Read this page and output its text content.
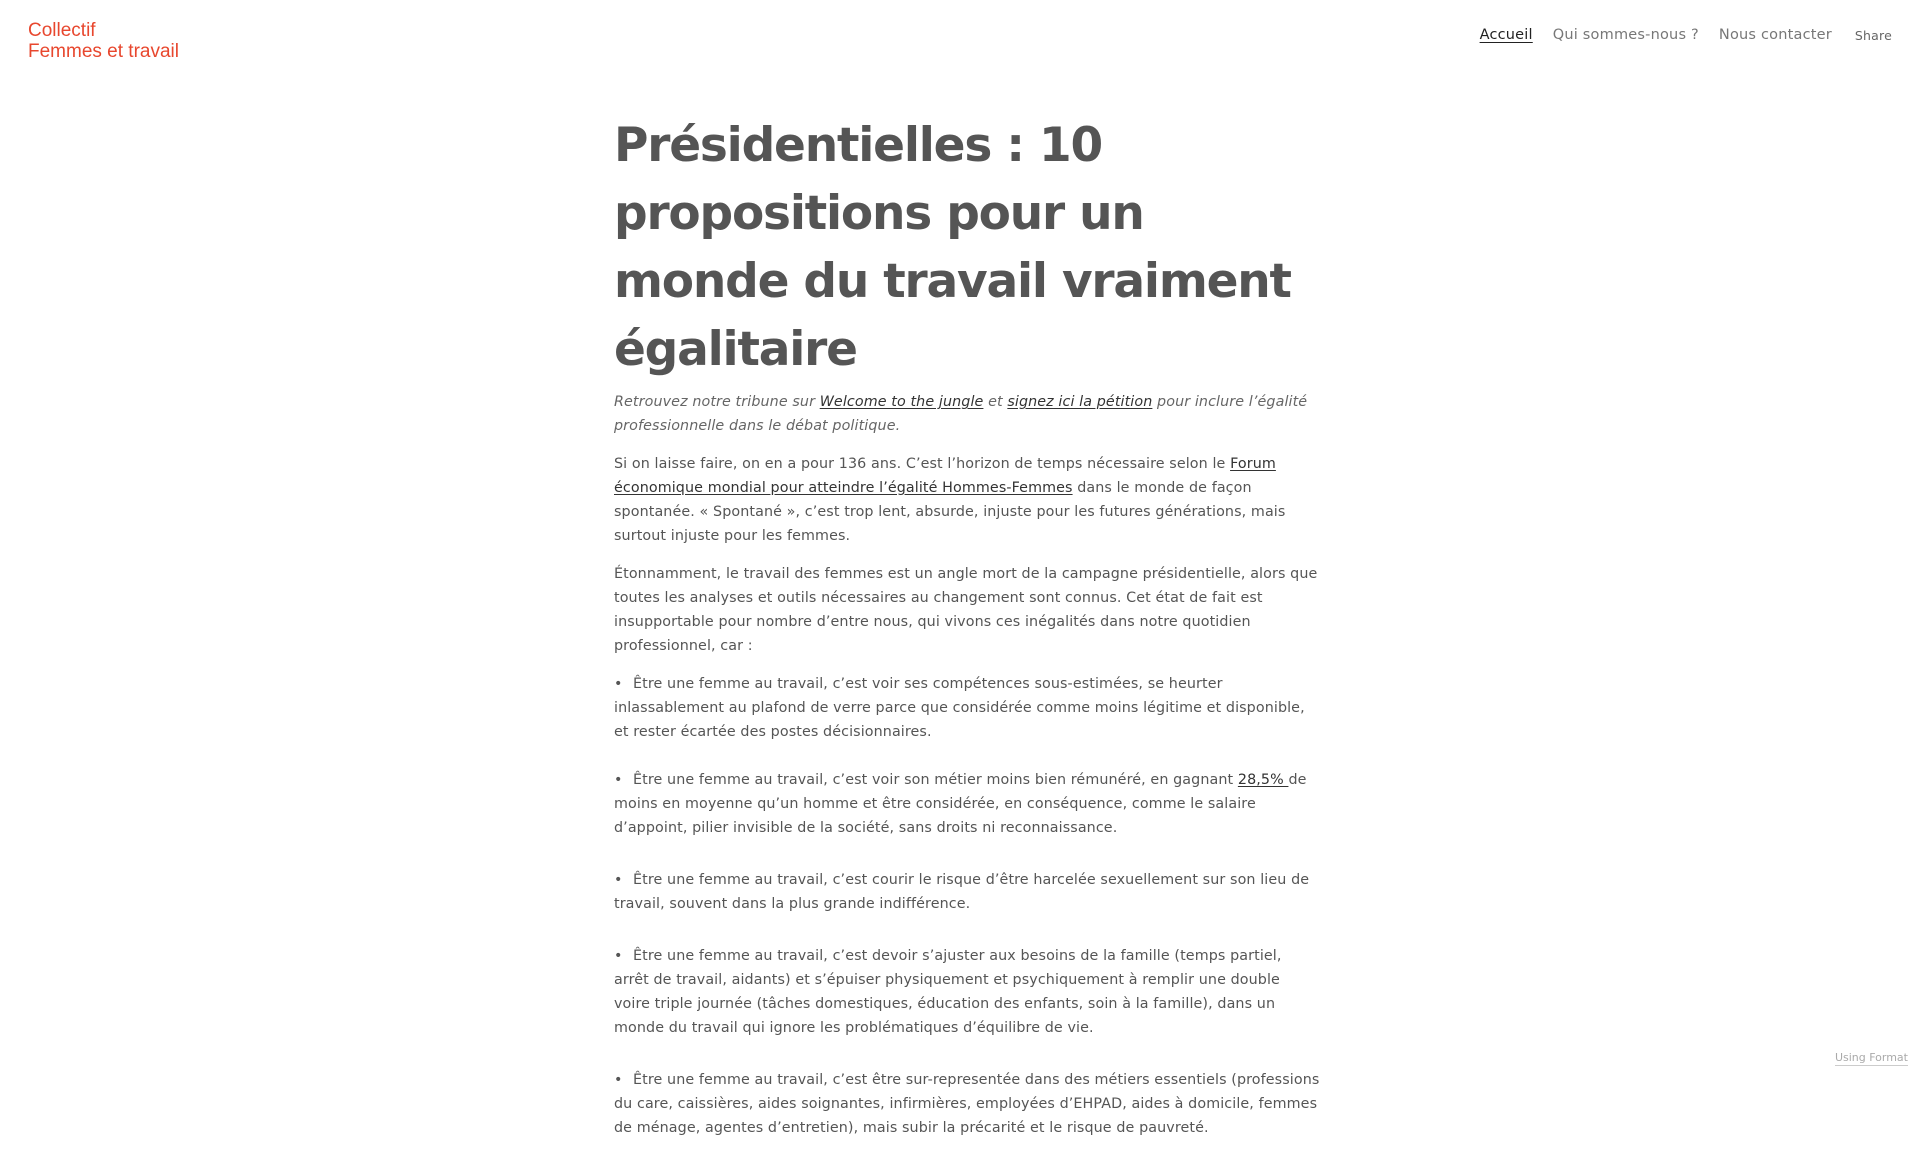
Collectif
Femmes et travail
Accueil Qui sommes-nous ? Nous contacter Share
Présidentielles : 10 propositions pour un monde du travail vraiment égalitaire

Retrouvez notre tribune sur Welcome to the jungle et signez ici la pétition pour inclure l’égalité professionnelle dans le débat politique.

Si on laisse faire, on en a pour 136 ans. C’est l’horizon de temps nécessaire selon le Forum économique mondial pour atteindre l’égalité Hommes-Femmes dans le monde de façon spontanée. « Spontané », c’est trop lent, absurde, injuste pour les futures générations, mais surtout injuste pour les femmes.

Étonnamment, le travail des femmes est un angle mort de la campagne présidentielle, alors que toutes les analyses et outils nécessaires au changement sont connus. Cet état de fait est insupportable pour nombre d’entre nous, qui vivons ces inégalités dans notre quotidien professionnel, car :

• Être une femme au travail, c’est voir ses compétences sous-estimées, se heurter inlassablement au plafond de verre parce que considérée comme moins légitime et disponible, et rester écartée des postes décisionnaires.
• Être une femme au travail, c’est voir son métier moins bien rémunéré, en gagnant 28,5% de moins en moyenne qu’un homme et être considérée, en conséquence, comme le salaire d’appoint, pilier invisible de la société, sans droits ni reconnaissance.
• Être une femme au travail, c’est courir le risque d’être harcelée sexuellement sur son lieu de travail, souvent dans la plus grande indifférence.
• Être une femme au travail, c’est devoir s’ajuster aux besoins de la famille (temps partiel, arrêt de travail, aidants) et s’épuiser physiquement et psychiquement à remplir une double voire triple journée (tâches domestiques, éducation des enfants, soin à la famille), dans un monde du travail qui ignore les problématiques d’équilibre de vie.
• Être une femme au travail, c’est être sur-representée dans des métiers essentiels (professions du care, caissières, aides soignantes, infirmières, employées d’EHPAD, aides à domicile, femmes de ménage, agentes d’entretien), mais subir la précarité et le risque de pauvreté.
Using Format
